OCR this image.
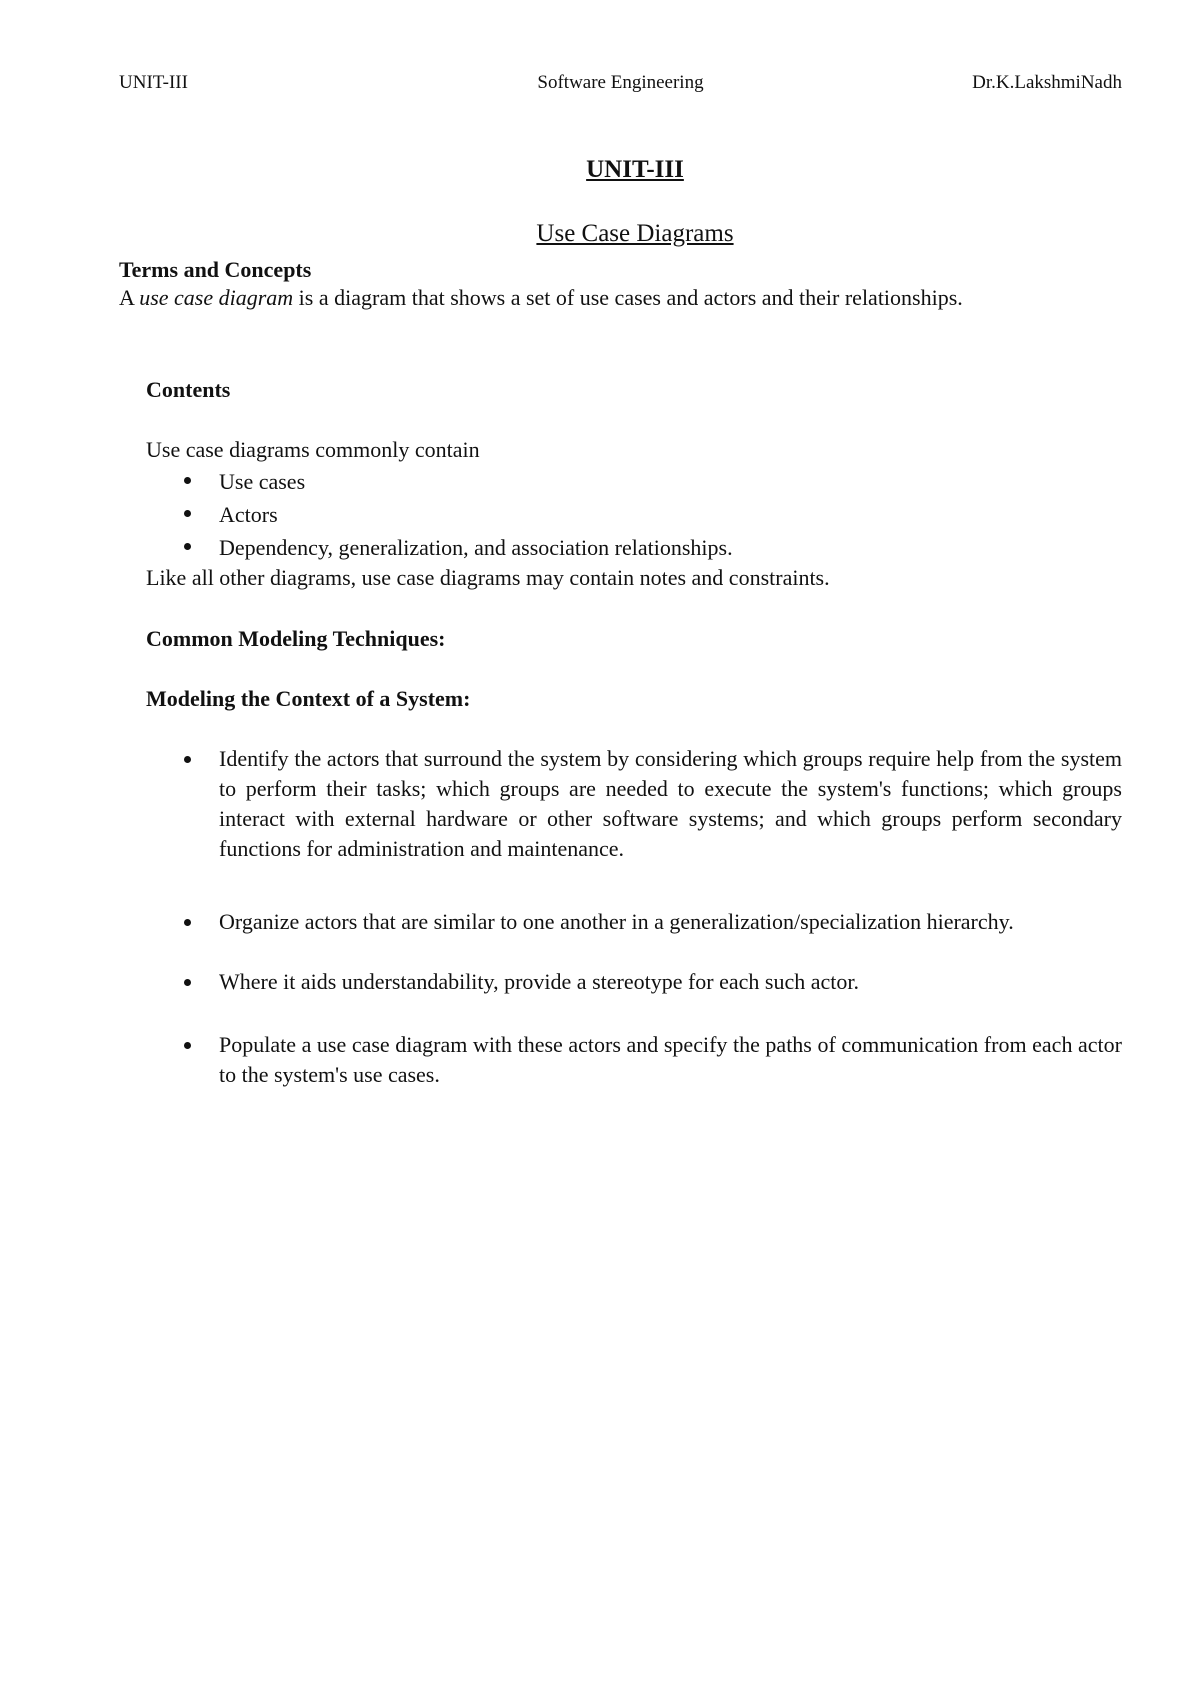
UNIT-III	Software Engineering	Dr.K.LakshmiNadh
UNIT-III
Use Case Diagrams
Terms and Concepts
A use case diagram is a diagram that shows a set of use cases and actors and their relationships.
Contents
Use case diagrams commonly contain
Use cases
Actors
Dependency, generalization, and association relationships.
Like all other diagrams, use case diagrams may contain notes and constraints.
Common Modeling Techniques:
Modeling the Context of a System:
Identify the actors that surround the system by considering which groups require help from the system to perform their tasks; which groups are needed to execute the system's functions; which groups interact with external hardware or other software systems; and which groups perform secondary functions for administration and maintenance.
Organize actors that are similar to one another in a generalization/specialization hierarchy.
Where it aids understandability, provide a stereotype for each such actor.
Populate a use case diagram with these actors and specify the paths of communication from each actor to the system's use cases.
